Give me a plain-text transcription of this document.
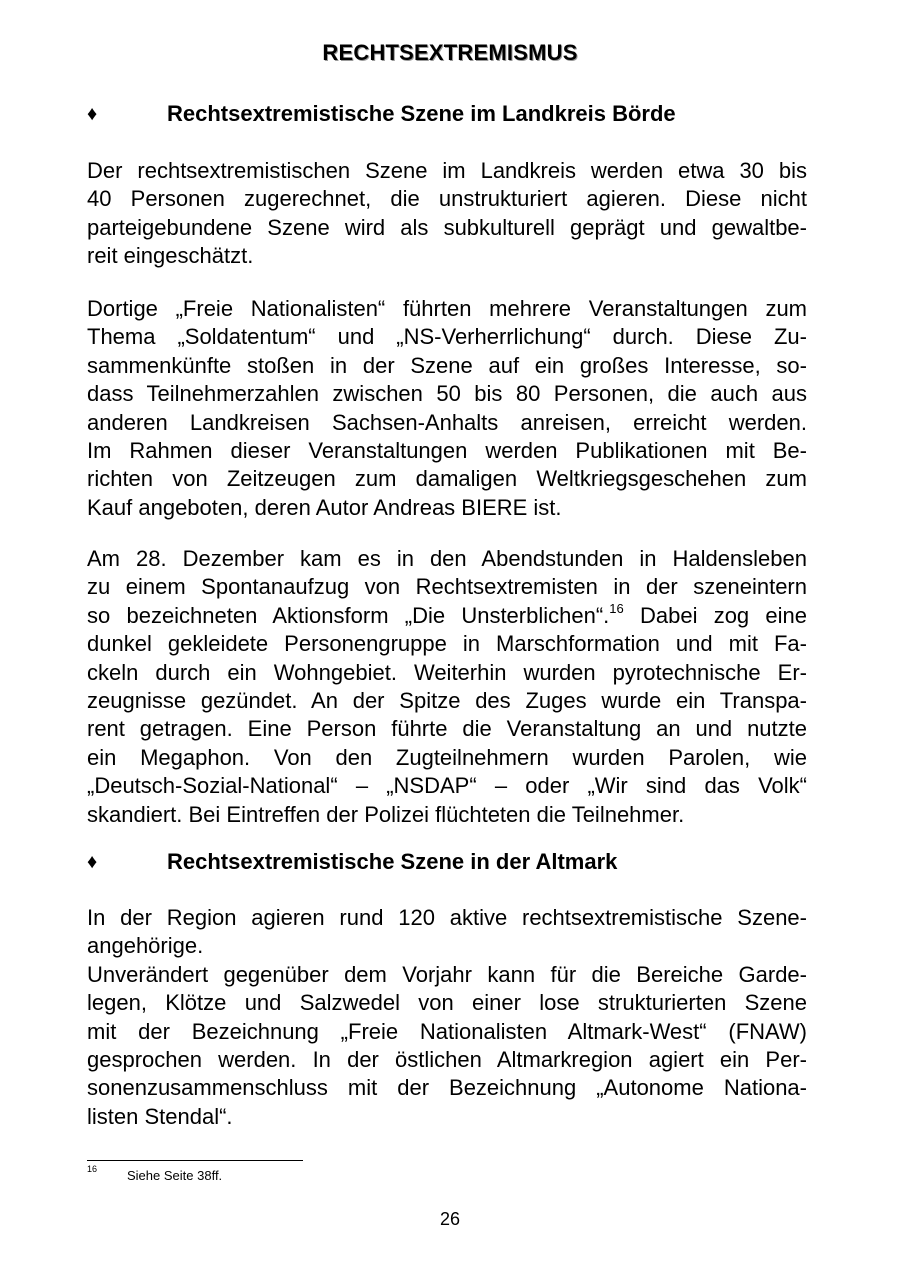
RECHTSEXTREMISMUS
♦	Rechtsextremistische Szene im Landkreis Börde
Der rechtsextremistischen Szene im Landkreis werden etwa 30 bis
40 Personen zugerechnet, die unstrukturiert agieren. Diese nicht
parteigebundene Szene wird als subkulturell geprägt und gewaltbe-
reit eingeschätzt.
Dortige „Freie Nationalisten“ führten mehrere Veranstaltungen zum
Thema „Soldatentum“ und „NS-Verherrlichung“ durch. Diese Zu-
sammenkünfte stoßen in der Szene auf ein großes Interesse, so-
dass Teilnehmerzahlen zwischen 50 bis 80 Personen, die auch aus
anderen Landkreisen Sachsen-Anhalts anreisen, erreicht werden.
Im Rahmen dieser Veranstaltungen werden Publikationen mit Be-
richten von Zeitzeugen zum damaligen Weltkriegsgeschehen zum
Kauf angeboten, deren Autor Andreas BIERE ist.
Am 28. Dezember kam es in den Abendstunden in Haldensleben
zu einem Spontanaufzug von Rechtsextremisten in der szeneintern
so bezeichneten Aktionsform „Die Unsterblichen“.$^{16}$ Dabei zog eine
dunkel gekleidete Personengruppe in Marschformation und mit Fa-
ckeln durch ein Wohngebiet. Weiterhin wurden pyrotechnische Er-
zeugnisse gezündet. An der Spitze des Zuges wurde ein Transpa-
rent getragen. Eine Person führte die Veranstaltung an und nutzte
ein Megaphon. Von den Zugteilnehmern wurden Parolen, wie
„Deutsch-Sozial-National“ – „NSDAP“ – oder „Wir sind das Volk“
skandiert. Bei Eintreffen der Polizei flüchteten die Teilnehmer.
♦	Rechtsextremistische Szene in der Altmark
In der Region agieren rund 120 aktive rechtsextremistische Szene-
angehörige.
Unverändert gegenüber dem Vorjahr kann für die Bereiche Garde-
legen, Klötze und Salzwedel von einer lose strukturierten Szene
mit der Bezeichnung „Freie Nationalisten Altmark-West“ (FNAW)
gesprochen werden. In der östlichen Altmarkregion agiert ein Per-
sonenzusammenschluss mit der Bezeichnung „Autonome Nationa-
listen Stendal“.
16 Siehe Seite 38ff.
26
